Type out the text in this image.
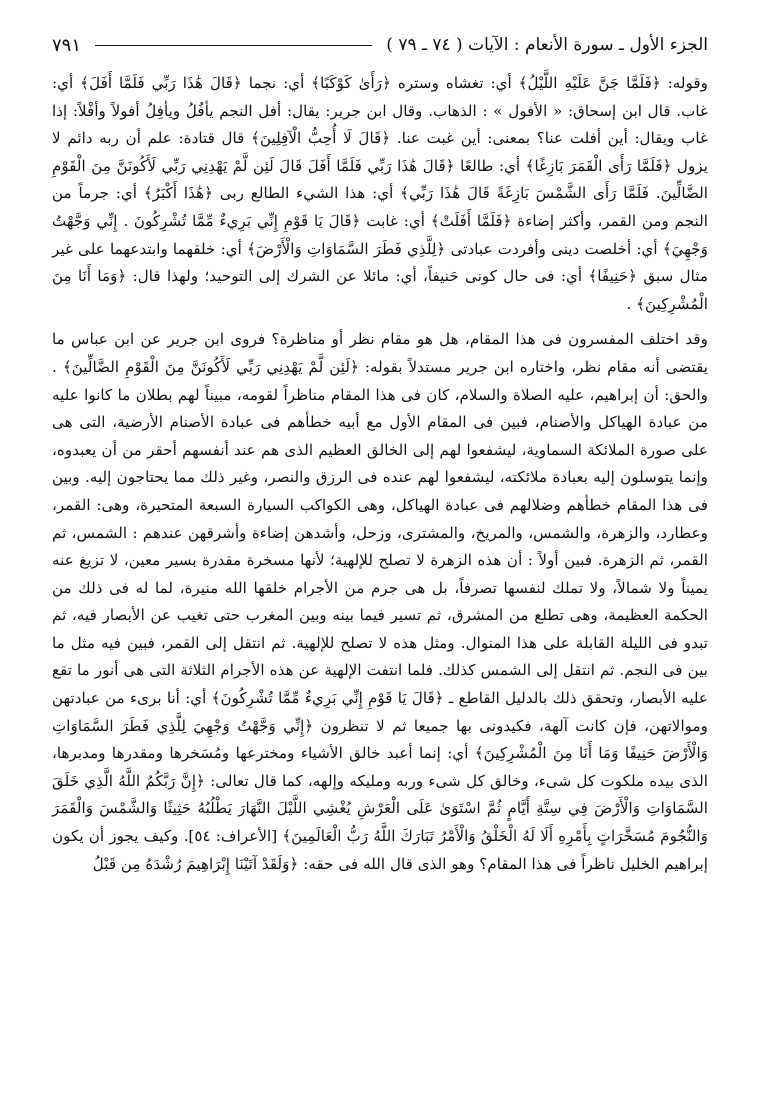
الجزء الأول ـ سورة الأنعام : الآيات ( ٧٤ ـ ٧٩ )
٧٩١

وقوله: ﴿فَلَمَّا جَنَّ عَلَيْهِ اللَّيْلُ﴾ أي: تغشاه وستره ﴿رَأَىٰ كَوْكَبًا﴾ أي: نجما ﴿قَالَ هَٰذَا رَبِّي فَلَمَّا أَفَلَ﴾ أي: غاب. قال ابن إسحاق: « الأفول » : الذهاب. وقال ابن جرير: يقال: أفل النجم يأفُلُ ويأفِلُ أفولاً وأفْلاً: إذا غاب ويقال: أين أفلت عنا؟ بمعنى: أين غبت عنا. ﴿قَالَ لَا أُحِبُّ الْآفِلِينَ﴾ قال قتادة: علم أن ربه دائم لا يزول ﴿فَلَمَّا رَأَى الْقَمَرَ بَازِغًا﴾ أي: طالعًا ﴿قَالَ هَٰذَا رَبِّي فَلَمَّا أَفَلَ قَالَ لَئِن لَّمْ يَهْدِنِي رَبِّي لَأَكُونَنَّ مِنَ الْقَوْمِ الضَّالِّينَ. فَلَمَّا رَأَى الشَّمْسَ بَازِغَةً قَالَ هَٰذَا رَبِّي﴾ أي: هذا الشيء الطالع ربى ﴿هَٰذَا أَكْبَرُ﴾ أي: جرماً من النجم ومن القمر، وأكثر إضاءة ﴿فَلَمَّا أَفَلَتْ﴾ أي: غابت ﴿قَالَ يَا قَوْمِ إِنِّي بَرِيءٌ مِّمَّا تُشْرِكُونَ . إِنِّي وَجَّهْتُ وَجْهِيَ﴾ أي: أخلصت دينى وأفردت عبادتى ﴿لِلَّذِي فَطَرَ السَّمَاوَاتِ وَالْأَرْضَ﴾ أي: خلقهما وابتدعهما على غير مثال سبق ﴿حَنِيفًا﴾ أي: فى حال كونى حَنيفاً، أي: مائلا عن الشرك إلى التوحيد؛ ولهذا قال: ﴿وَمَا أَنَا مِنَ الْمُشْرِكِينَ﴾ .

وقد اختلف المفسرون فى هذا المقام، هل هو مقام نظر أو مناظرة؟ فروى ابن جرير عن ابن عباس ما يقتضى أنه مقام نظر، واختاره ابن جرير مستدلاً بقوله: ﴿لَئِن لَّمْ يَهْدِنِي رَبِّي لَأَكُونَنَّ مِنَ الْقَوْمِ الضَّالِّينَ﴾ . والحق: أن إبراهيم، عليه الصلاة والسلام، كان فى هذا المقام مناظراً لقومه، مبيناً لهم بطلان ما كانوا عليه من عبادة الهياكل والأصنام، فبين فى المقام الأول مع أبيه خطأهم فى عبادة الأصنام الأرضية، التى هى على صورة الملائكة السماوية، ليشفعوا لهم إلى الخالق العظيم الذى هم عند أنفسهم أحقر من أن يعبدوه، وإنما يتوسلون إليه بعبادة ملائكته، ليشفعوا لهم عنده فى الرزق والنصر، وغير ذلك مما يحتاجون إليه. وبين فى هذا المقام خطأهم وضلالهم فى عبادة الهياكل، وهى الكواكب السيارة السبعة المتحيرة، وهى: القمر، وعطارد، والزهرة، والشمس، والمريخ، والمشترى، وزحل، وأشدهن إضاءة وأشرقهن عندهم : الشمس، ثم القمر، ثم الزهرة. فبين أولاً : أن هذه الزهرة لا تصلح للإلهية؛ لأنها مسخرة مقدرة بسير معين، لا تزيغ عنه يميناً ولا شمالاً، ولا تملك لنفسها تصرفاً، بل هى جرم من الأجرام خلقها الله منيرة، لما له فى ذلك من الحكمة العظيمة، وهى تطلع من المشرق، ثم تسير فيما بينه وبين المغرب حتى تغيب عن الأبصار فيه، ثم تبدو فى الليلة القابلة على هذا المنوال. ومثل هذه لا تصلح للإلهية. ثم انتقل إلى القمر، فبين فيه مثل ما بين فى النجم. ثم انتقل إلى الشمس كذلك. فلما انتفت الإلهية عن هذه الأجرام الثلاثة التى هى أنور ما تقع عليه الأبصار، وتحقق ذلك بالدليل القاطع ـ ﴿قَالَ يَا قَوْمِ إِنِّي بَرِيءٌ مِّمَّا تُشْرِكُونَ﴾ أي: أنا برىء من عبادتهن وموالاتهن، فإن كانت آلهة، فكيدونى بها جميعا ثم لا تنظرون ﴿إِنِّي وَجَّهْتُ وَجْهِيَ لِلَّذِي فَطَرَ السَّمَاوَاتِ وَالْأَرْضَ حَنِيفًا وَمَا أَنَا مِنَ الْمُشْرِكِينَ﴾ أي: إنما أعبد خالق الأشياء ومخترعها ومُسَخرها ومقدرها ومدبرها، الذى بيده ملكوت كل شىء، وخالق كل شىء وربه ومليكه وإلهه، كما قال تعالى: ﴿إِنَّ رَبَّكُمُ اللَّهُ الَّذِي خَلَقَ السَّمَاوَاتِ وَالْأَرْضَ فِي سِتَّةِ أَيَّامٍ ثُمَّ اسْتَوَىٰ عَلَى الْعَرْشِ يُغْشِي اللَّيْلَ النَّهَارَ يَطْلُبُهُ حَثِيثًا وَالشَّمْسَ وَالْقَمَرَ وَالنُّجُومَ مُسَخَّرَاتٍ بِأَمْرِهِ أَلَا لَهُ الْخَلْقُ وَالْأَمْرُ تَبَارَكَ اللَّهُ رَبُّ الْعَالَمِينَ﴾ [الأعراف: ٥٤]. وكيف يجوز أن يكون إبراهيم الخليل ناظراً فى هذا المقام؟ وهو الذى قال الله فى حقه: ﴿وَلَقَدْ آتَيْنَا إِبْرَاهِيمَ رُشْدَهُ مِن قَبْلُ
